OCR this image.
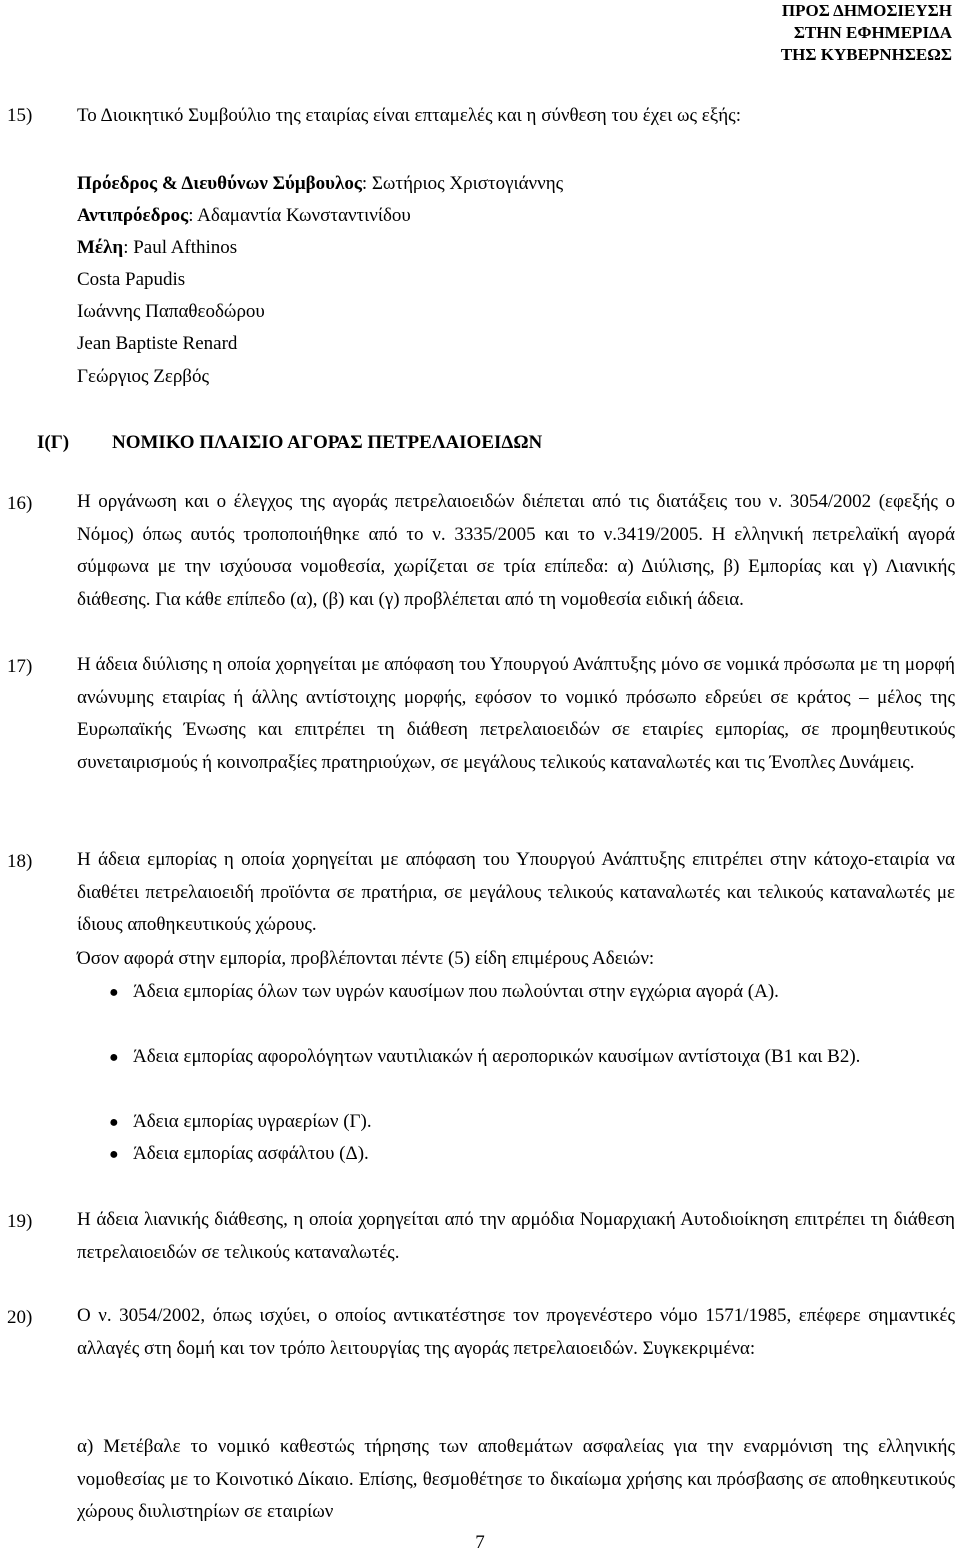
ΠΡΟΣ ΔΗΜΟΣΙΕΥΣΗ
ΣΤΗΝ ΕΦΗΜΕΡΙΔΑ
ΤΗΣ ΚΥΒΕΡΝΗΣΕΩΣ
15) Το Διοικητικό Συμβούλιο της εταιρίας είναι επταμελές και η σύνθεση του έχει ως εξής:
Πρόεδρος & Διευθύνων Σύμβουλος: Σωτήριος Χριστογιάννης
Αντιπρόεδρος: Αδαμαντία Κωνσταντινίδου
Μέλη: Paul Afthinos
Costa Papudis
Ιωάννης Παπαθεοδώρου
Jean Baptiste Renard
Γεώργιος Ζερβός
Ι(Γ) ΝΟΜΙΚΟ ΠΛΑΙΣΙΟ ΑΓΟΡΑΣ ΠΕΤΡΕΛΑΙΟΕΙΔΩΝ
16) Η οργάνωση και ο έλεγχος της αγοράς πετρελαιοειδών διέπεται από τις διατάξεις του ν. 3054/2002 (εφεξής ο Νόμος) όπως αυτός τροποποιήθηκε από το ν. 3335/2005 και το ν.3419/2005. Η ελληνική πετρελαϊκή αγορά σύμφωνα με την ισχύουσα νομοθεσία, χωρίζεται σε τρία επίπεδα: α) Διύλισης, β) Εμπορίας και γ) Λιανικής διάθεσης. Για κάθε επίπεδο (α), (β) και (γ) προβλέπεται από τη νομοθεσία ειδική άδεια.
17) Η άδεια διύλισης η οποία χορηγείται με απόφαση του Υπουργού Ανάπτυξης μόνο σε νομικά πρόσωπα με τη μορφή ανώνυμης εταιρίας ή άλλης αντίστοιχης μορφής, εφόσον το νομικό πρόσωπο εδρεύει σε κράτος – μέλος της Ευρωπαϊκής Ένωσης και επιτρέπει τη διάθεση πετρελαιοειδών σε εταιρίες εμπορίας, σε προμηθευτικούς συνεταιρισμούς ή κοινοπραξίες πρατηριούχων, σε μεγάλους τελικούς καταναλωτές και τις Ένοπλες Δυνάμεις.
18) Η άδεια εμπορίας η οποία χορηγείται με απόφαση του Υπουργού Ανάπτυξης επιτρέπει στην κάτοχο-εταιρία να διαθέτει πετρελαιοειδή προϊόντα σε πρατήρια, σε μεγάλους τελικούς καταναλωτές και τελικούς καταναλωτές με ίδιους αποθηκευτικούς χώρους.
Όσον αφορά στην εμπορία, προβλέπονται πέντε (5) είδη επιμέρους Αδειών:
● Άδεια εμπορίας όλων των υγρών καυσίμων που πωλούνται στην εγχώρια αγορά (Α).
● Άδεια εμπορίας αφορολόγητων ναυτιλιακών ή αεροπορικών καυσίμων αντίστοιχα (Β1 και Β2).
● Άδεια εμπορίας υγραερίων (Γ).
● Άδεια εμπορίας ασφάλτου (Δ).
19) Η άδεια λιανικής διάθεσης, η οποία χορηγείται από την αρμόδια Νομαρχιακή Αυτοδιοίκηση επιτρέπει τη διάθεση πετρελαιοειδών σε τελικούς καταναλωτές.
20) Ο ν. 3054/2002, όπως ισχύει, ο οποίος αντικατέστησε τον προγενέστερο νόμο 1571/1985, επέφερε σημαντικές αλλαγές στη δομή και τον τρόπο λειτουργίας της αγοράς πετρελαιοειδών. Συγκεκριμένα:
α) Μετέβαλε το νομικό καθεστώς τήρησης των αποθεμάτων ασφαλείας για την εναρμόνιση της ελληνικής νομοθεσίας με το Κοινοτικό Δίκαιο. Επίσης, θεσμοθέτησε το δικαίωμα χρήσης και πρόσβασης σε αποθηκευτικούς χώρους διυλιστηρίων σε εταιρίων
7
